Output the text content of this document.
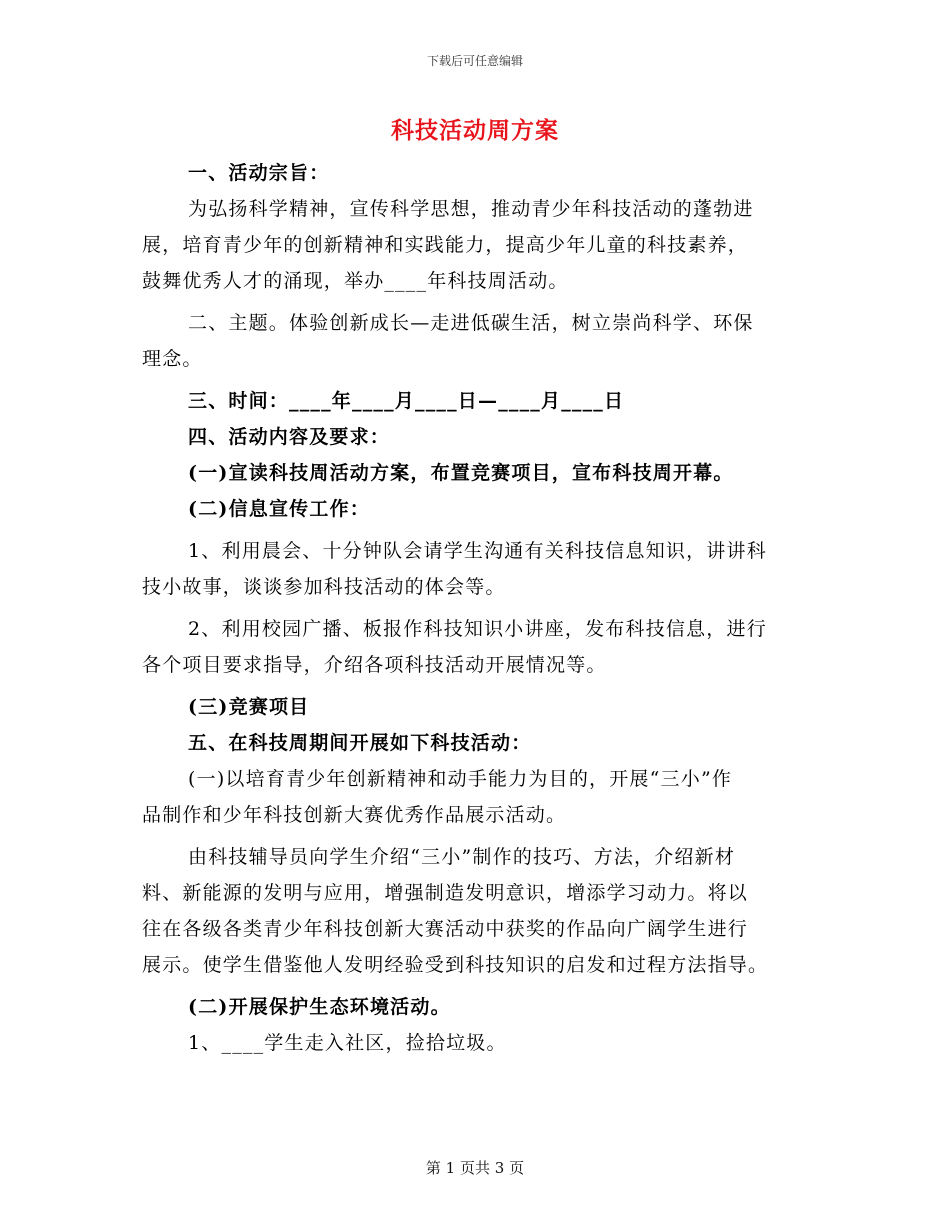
下载后可任意编辑
科技活动周方案
一、活动宗旨：
为弘扬科学精神，宣传科学思想，推动青少年科技活动的蓬勃进
展，培育青少年的创新精神和实践能力，提高少年儿童的科技素养，
鼓舞优秀人才的涌现，举办____年科技周活动。
二、主题。体验创新成长—走进低碳生活，树立崇尚科学、环保
理念。
三、时间：____年____月____日—____月____日
四、活动内容及要求：
(一)宣读科技周活动方案，布置竞赛项目，宣布科技周开幕。
(二)信息宣传工作：
1、利用晨会、十分钟队会请学生沟通有关科技信息知识，讲讲科
技小故事，谈谈参加科技活动的体会等。
2、利用校园广播、板报作科技知识小讲座，发布科技信息，进行
各个项目要求指导，介绍各项科技活动开展情况等。
(三)竞赛项目
五、在科技周期间开展如下科技活动：
(一)以培育青少年创新精神和动手能力为目的，开展“三小”作
品制作和少年科技创新大赛优秀作品展示活动。
由科技辅导员向学生介绍“三小”制作的技巧、方法，介绍新材
料、新能源的发明与应用，增强制造发明意识，增添学习动力。将以
往在各级各类青少年科技创新大赛活动中获奖的作品向广阔学生进行
展示。使学生借鉴他人发明经验受到科技知识的启发和过程方法指导。
(二)开展保护生态环境活动。
1、____学生走入社区，捡拾垃圾。
第 1 页共 3 页
